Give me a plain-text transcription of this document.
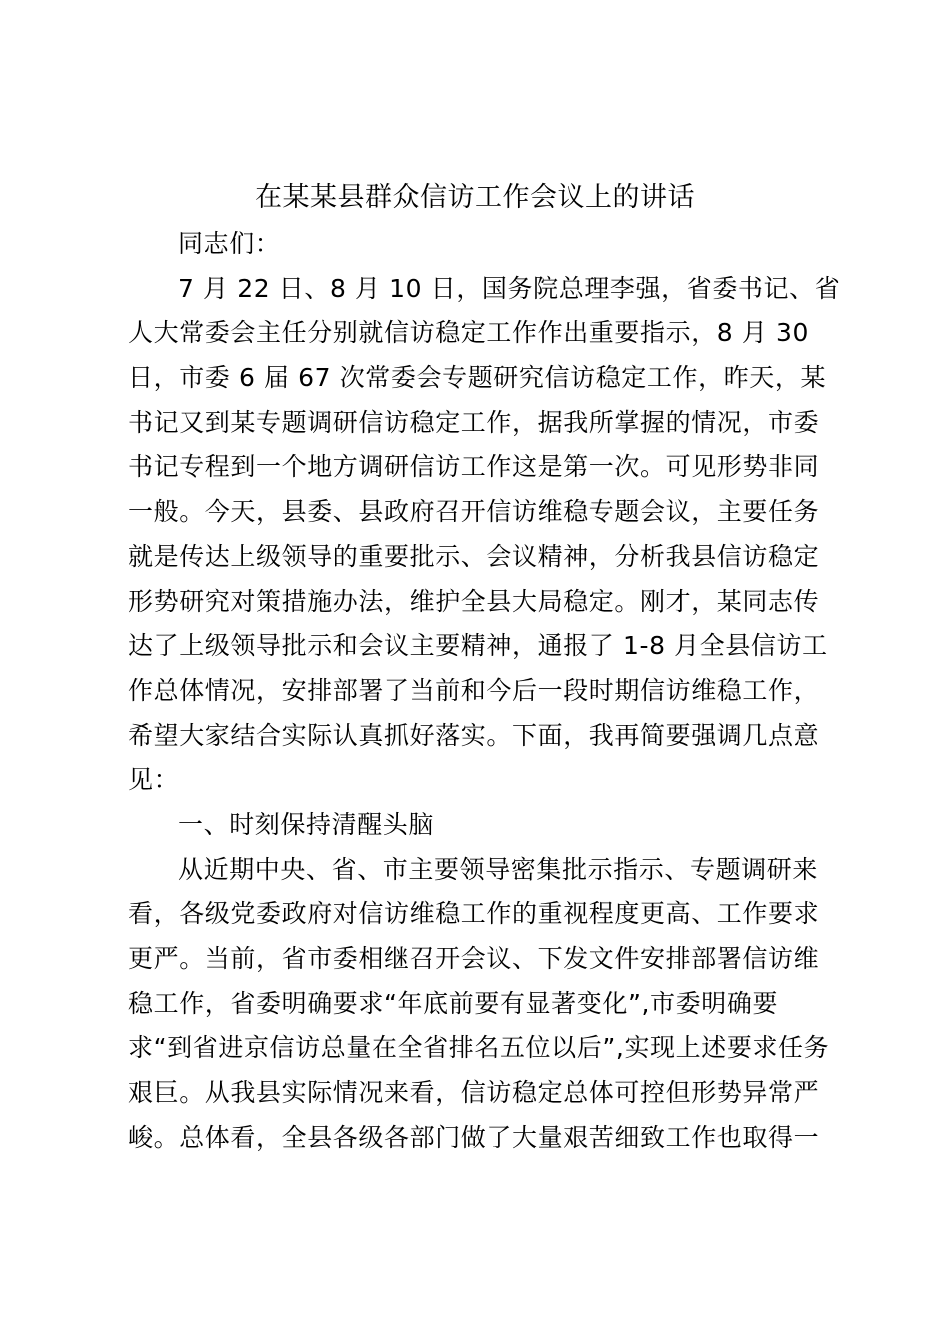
在某某县群众信访工作会议上的讲话
同志们：
7 月 22 日、8 月 10 日，国务院总理李强，省委书记、省
人大常委会主任分别就信访稳定工作作出重要指示，8 月 30
日，市委 6 届 67 次常委会专题研究信访稳定工作，昨天，某
书记又到某专题调研信访稳定工作，据我所掌握的情况，市委
书记专程到一个地方调研信访工作这是第一次。可见形势非同
一般。今天，县委、县政府召开信访维稳专题会议，主要任务
就是传达上级领导的重要批示、会议精神，分析我县信访稳定
形势研究对策措施办法，维护全县大局稳定。刚才，某同志传
达了上级领导批示和会议主要精神，通报了 1-8 月全县信访工
作总体情况，安排部署了当前和今后一段时期信访维稳工作，
希望大家结合实际认真抓好落实。下面，我再简要强调几点意
见：
一、时刻保持清醒头脑
从近期中央、省、市主要领导密集批示指示、专题调研来
看，各级党委政府对信访维稳工作的重视程度更高、工作要求
更严。当前，省市委相继召开会议、下发文件安排部署信访维
稳工作，省委明确要求“年底前要有显著变化”,市委明确要
求“到省进京信访总量在全省排名五位以后”,实现上述要求任务
艰巨。从我县实际情况来看，信访稳定总体可控但形势异常严
峻。总体看，全县各级各部门做了大量艰苦细致工作也取得一
